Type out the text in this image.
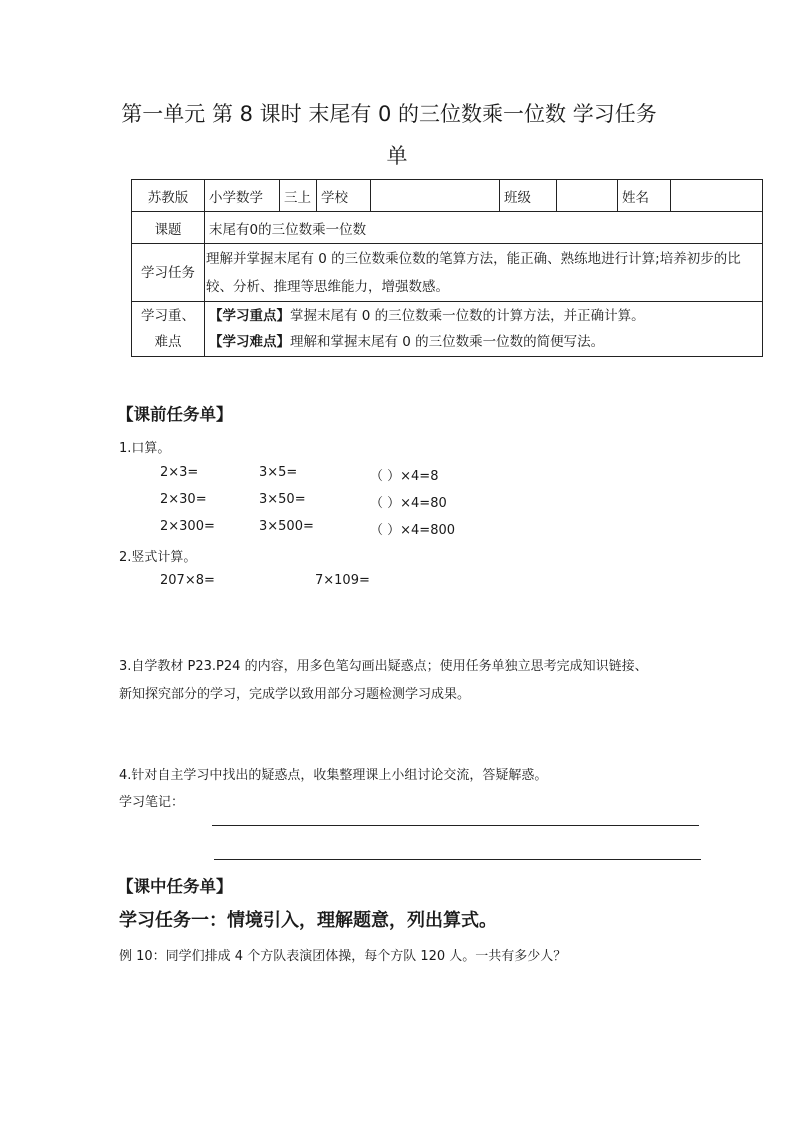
第一单元 第 8 课时 末尾有 0 的三位数乘一位数 学习任务
单
苏教版	小学数学	三上	学校		班级		姓名	
课题	末尾有0的三位数乘一位数							
学习任务	理解并掌握末尾有 0 的三位数乘位数的笔算方法，能正确、熟练地进行计算;培养初步的比较、分析、推理等思维能力，增强数感。							
学习重、
难点	【学习重点】掌握末尾有 0 的三位数乘一位数的计算方法，并正确计算。
【学习难点】理解和掌握末尾有 0 的三位数乘一位数的简便写法。							
【课前任务单】
1.口算。
2×3=	3×5=	（ ）×4=8
2×30=	3×50=	（ ）×4=80
2×300=	3×500=	（ ）×4=800
2.竖式计算。
207×8=	7×109=
3.自学教材 P23.P24 的内容，用多色笔勾画出疑惑点；使用任务单独立思考完成知识链接、
新知探究部分的学习，完成学以致用部分习题检测学习成果。
4.针对自主学习中找出的疑惑点，收集整理课上小组讨论交流，答疑解惑。
学习笔记：
【课中任务单】
学习任务一：情境引入，理解题意，列出算式。
例 10：同学们排成 4 个方队表演团体操，每个方队 120 人。一共有多少人？
